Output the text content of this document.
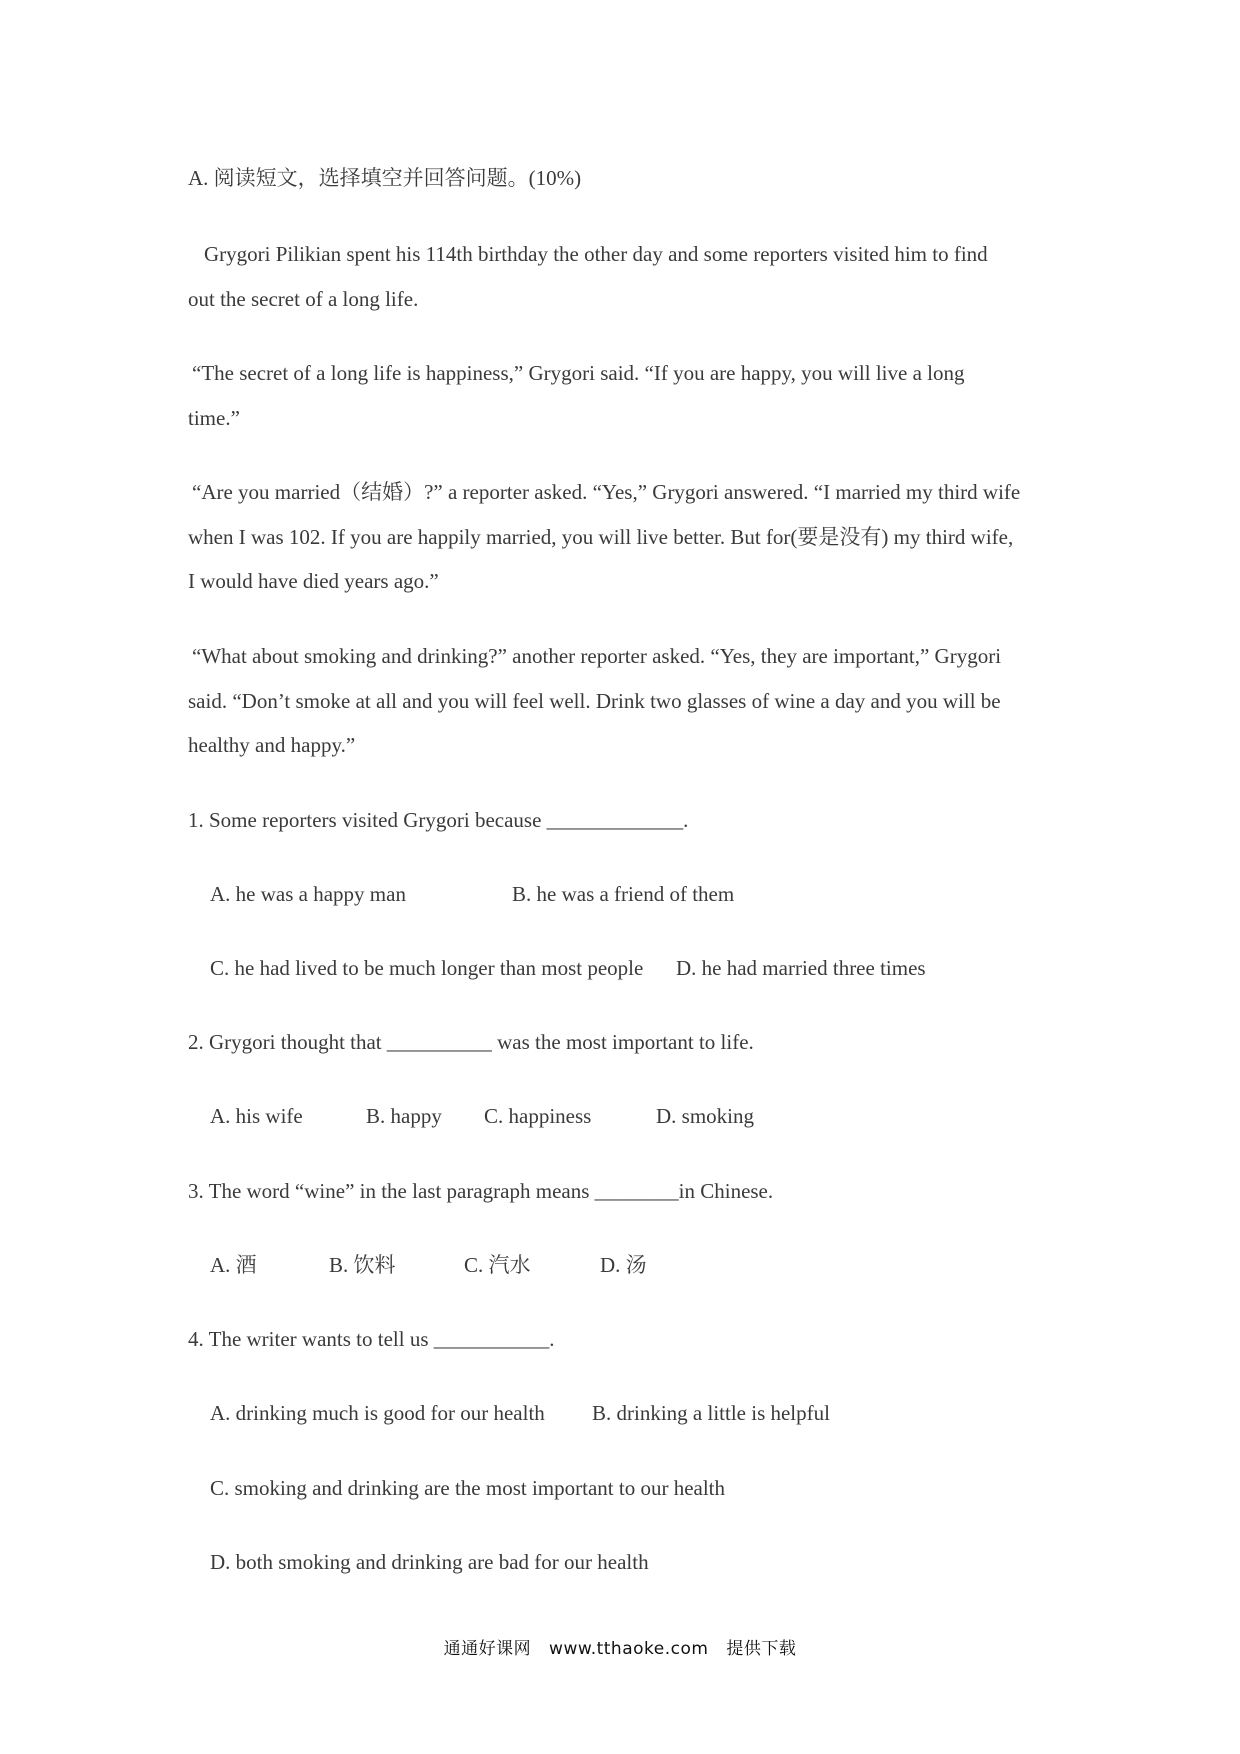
A. 阅读短文，选择填空并回答问题。(10%)
Grygori Pilikian spent his 114th birthday the other day and some reporters visited him to find
out the secret of a long life.
“The secret of a long life is happiness,” Grygori said. “If you are happy, you will live a long
time.”
“Are you married（结婚）?” a reporter asked. “Yes,” Grygori answered. “I married my third wife
when I was 102. If you are happily married, you will live better. But for(要是没有) my third wife,
I would have died years ago.”
“What about smoking and drinking?” another reporter asked. “Yes, they are important,” Grygori
said. “Don’t smoke at all and you will feel well. Drink two glasses of wine a day and you will be
healthy and happy.”
1. Some reporters visited Grygori because _____________.
A. he was a happy man	B. he was a friend of them
C. he had lived to be much longer than most people D. he had married three times
2. Grygori thought that __________ was the most important to life.
A. his wife	B. happy C. happiness	D. smoking
3. The word “wine” in the last paragraph means ________in Chinese.
A. 酒	B. 饮料	C. 汽水	D. 汤
4. The writer wants to tell us ___________.
A. drinking much is good for our health B. drinking a little is helpful
C. smoking and drinking are the most important to our health
D. both smoking and drinking are bad for our health
通通好课网 www.tthaoke.com 提供下载
